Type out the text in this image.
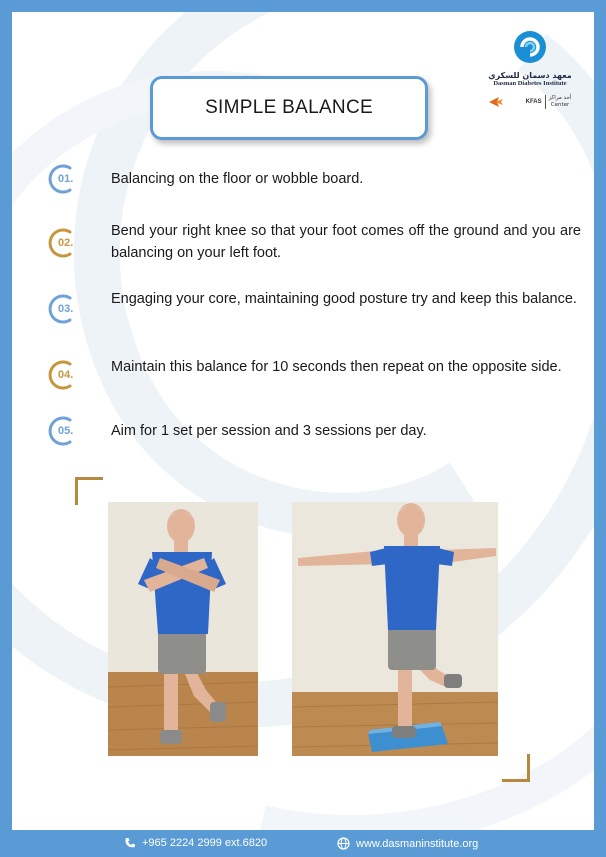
معهد دسمان للسكري
Dasman Diabetes Institute
KFAS
أحد مراكز
Center
SIMPLE BALANCE
01.	Balancing on the floor or wobble board.
02.
Bend your right knee so that your foot comes off the ground and you are balancing on your left foot.
03.
Engaging your core, maintaining good posture try and keep this balance.
04.	Maintain this balance for 10 seconds then repeat on the opposite side.
05.	Aim for 1 set per session and 3 sessions per day.
+965 2224 2999 ext.6820	www.dasmaninstitute.org
